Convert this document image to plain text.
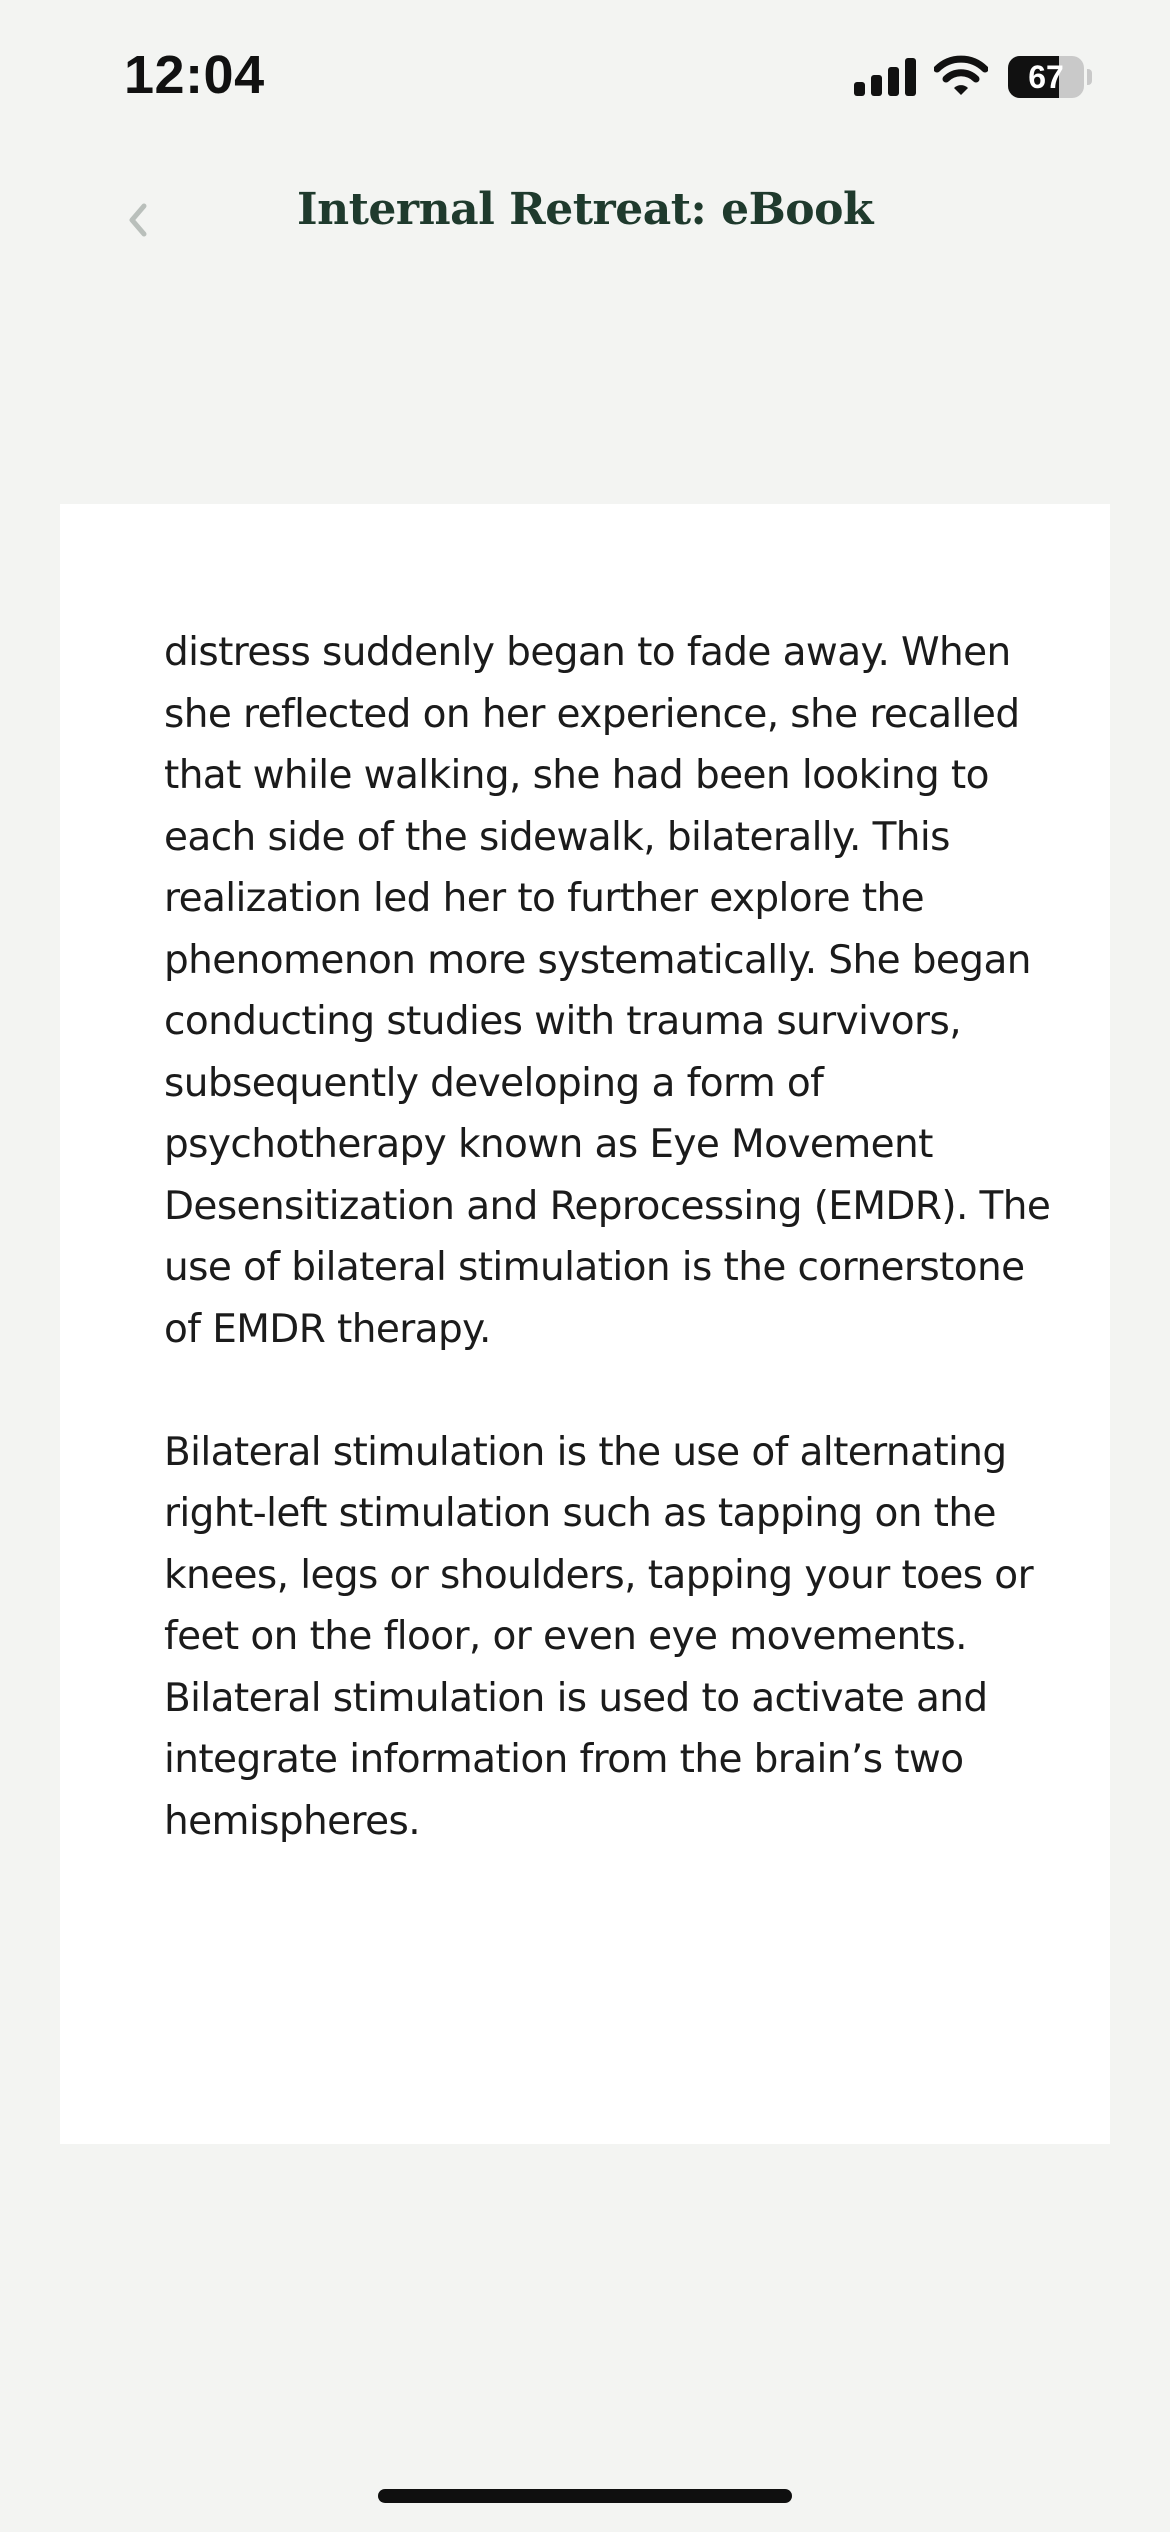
12:04	67
Internal Retreat: eBook

distress suddenly began to fade away. When she reflected on her experience, she recalled that while walking, she had been looking to each side of the sidewalk, bilaterally. This realization led her to further explore the phenomenon more systematically. She began conducting studies with trauma survivors, subsequently developing a form of psychotherapy known as Eye Movement Desensitization and Reprocessing (EMDR). The use of bilateral stimulation is the cornerstone of EMDR therapy.

Bilateral stimulation is the use of alternating right-left stimulation such as tapping on the knees, legs or shoulders, tapping your toes or feet on the floor, or even eye movements. Bilateral stimulation is used to activate and integrate information from the brain’s two hemispheres.
